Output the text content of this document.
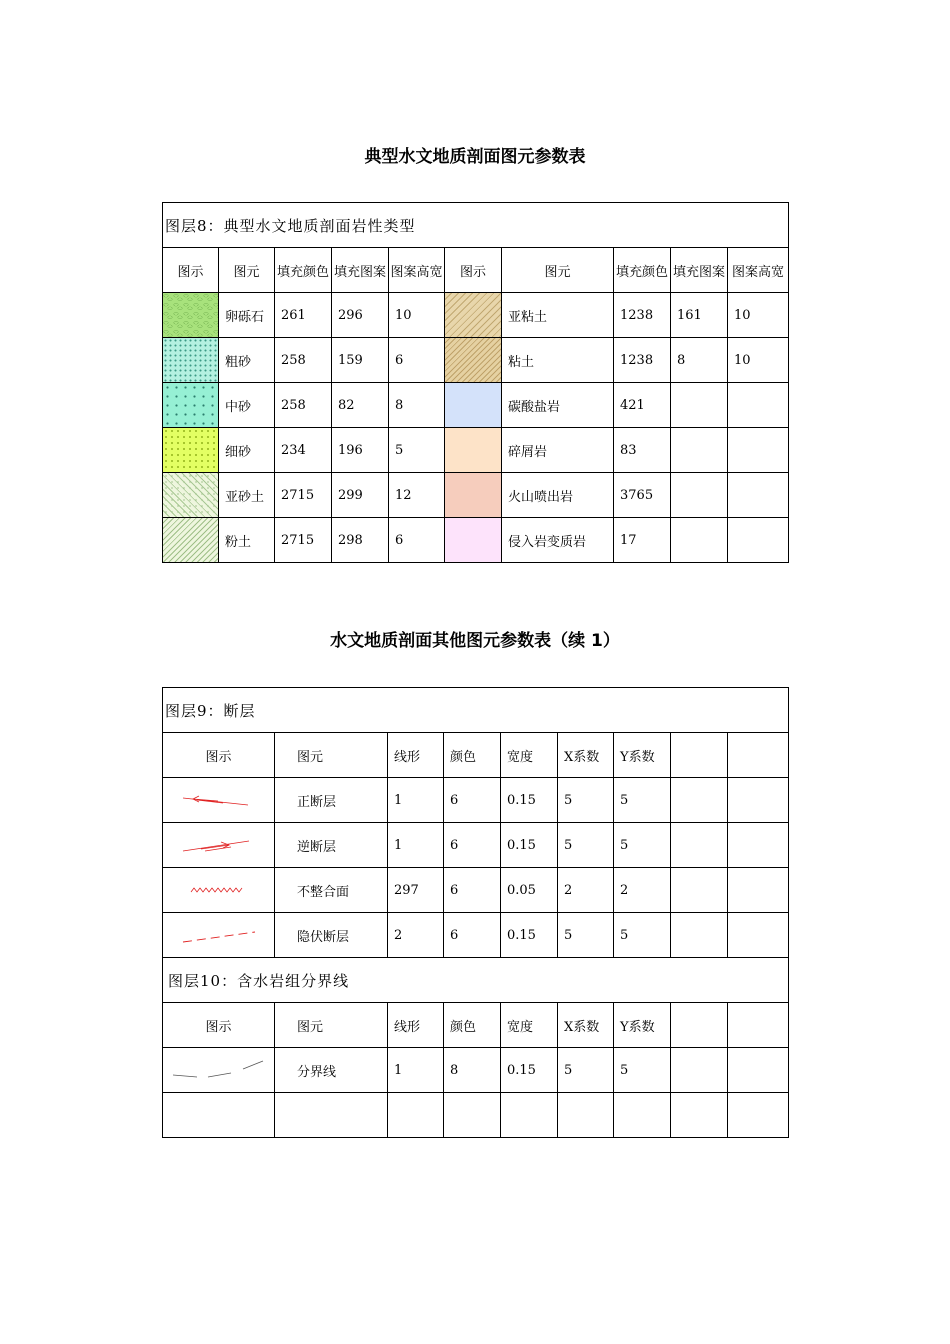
典型水文地质剖面图元参数表
图层8：典型水文地质剖面岩性类型									
图示	图元	填充颜色	填充图案	图案高宽	图示	图元	填充颜色	填充图案	图案高宽

	卵砾石	261	296	10		亚粘土	1238	161	10

	粗砂	258	159	6		粘土	1238	8	10

	中砂	258	82	8		碳酸盐岩	421		

	细砂	234	196	5		碎屑岩	83		

	亚砂土	2715	299	12		火山喷出岩	3765		

	粉土	2715	298	6		侵入岩变质岩	17		
水文地质剖面其他图元参数表（续 1）
图层9：断层								
图示	图元	线形	颜色	宽度	X系数	Y系数		

	正断层	1	6	0.15	5	5		

	逆断层	1	6	0.15	5	5		

	不整合面	297	6	0.05	2	2		

	隐伏断层	2	6	0.15	5	5		
图层10：含水岩组分界线								
图示	图元	线形	颜色	宽度	X系数	Y系数		

	分界线	1	8	0.15	5	5		
